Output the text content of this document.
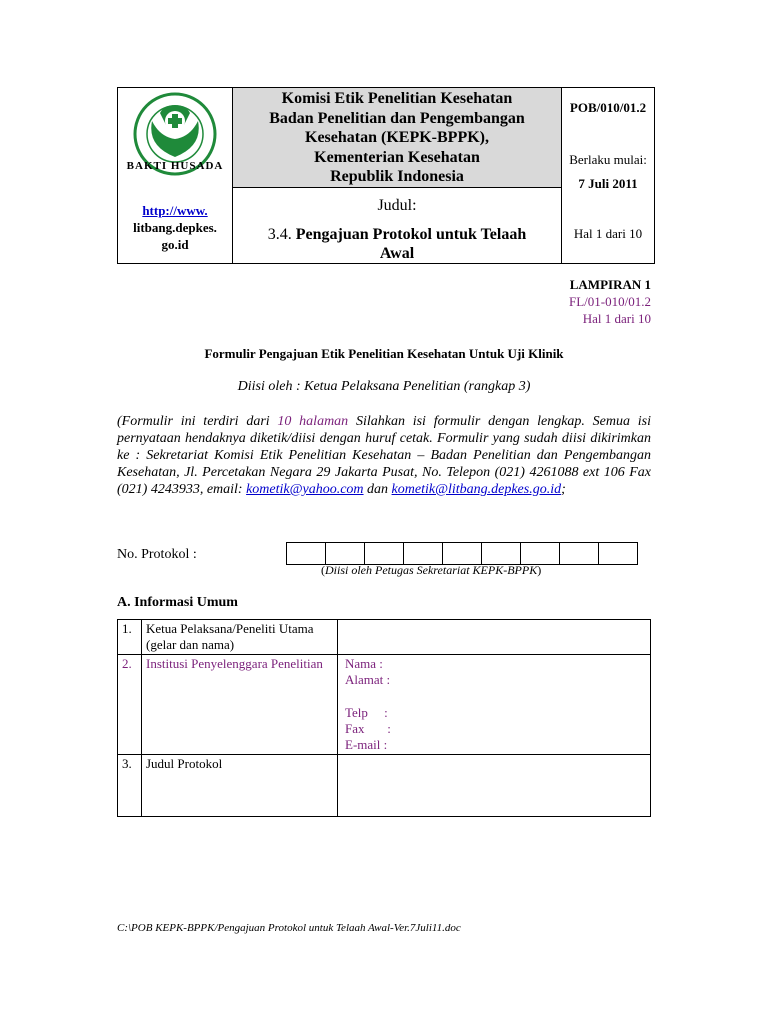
BAKTI HUSADA
http://www.
litbang.depkes.
go.id

Komisi Etik Penelitian Kesehatan
Badan Penelitian dan Pengembangan
Kesehatan (KEPK-BPPK),
Kementerian Kesehatan
Republik Indonesia

POB/010/01.2
Berlaku mulai:
7 Juli 2011
Hal 1 dari 10

Judul:
3.4. Pengajuan Protokol untuk Telaah
Awal
LAMPIRAN 1
FL/01-010/01.2
Hal 1 dari 10
Formulir Pengajuan Etik Penelitian Kesehatan Untuk Uji Klinik
Diisi oleh : Ketua Pelaksana Penelitian (rangkap 3)
(Formulir ini terdiri dari 10 halaman Silahkan isi formulir dengan lengkap. Semua isi pernyataan hendaknya diketik/diisi dengan huruf cetak. Formulir yang sudah diisi dikirimkan ke : Sekretariat Komisi Etik Penelitian Kesehatan – Badan Penelitian dan Pengembangan Kesehatan, Jl. Percetakan Negara 29 Jakarta Pusat, No. Telepon (021) 4261088 ext 106 Fax (021) 4243933, email: kometik@yahoo.com dan kometik@litbang.depkes.go.id;
No. Protokol :
(Diisi oleh Petugas Sekretariat KEPK-BPPK)
A. Informasi Umum
1.	Ketua Pelaksana/Peneliti Utama (gelar dan nama)	
2.	Institusi Penyelenggara Penelitian	Nama :
Alamat :
Telp     :
Fax       :
E-mail :

3.	Judul Protokol	
C:\POB KEPK-BPPK/Pengajuan Protokol untuk Telaah Awal-Ver.7Juli11.doc
